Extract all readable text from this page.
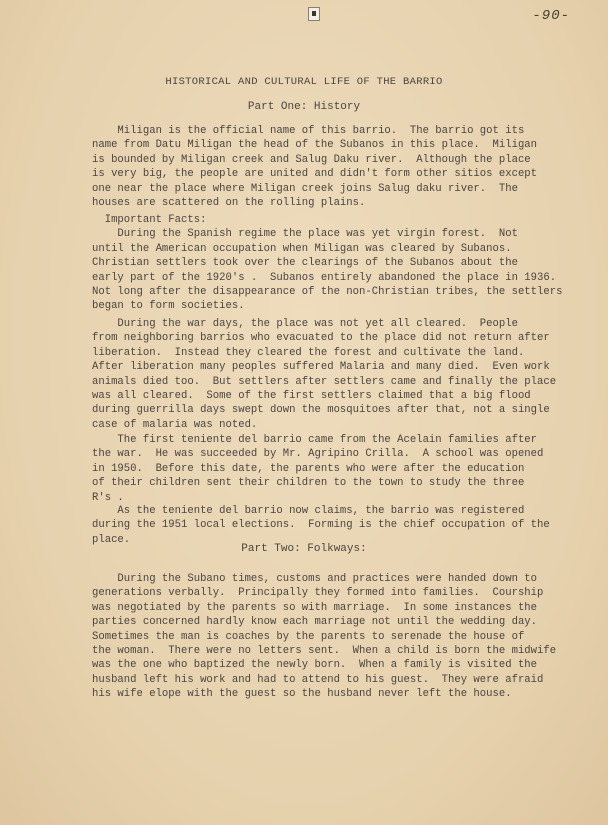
-90-
HISTORICAL AND CULTURAL LIFE OF THE BARRIO
Part One: History
Miligan is the official name of this barrio.  The barrio got its
name from Datu Miligan the head of the Subanos in this place.  Miligan
is bounded by Miligan creek and Salug Daku river.  Although the place
is very big, the people are united and didn't form other sitios except
one near the place where Miligan creek joins Salug daku river.  The
houses are scattered on the rolling plains.
Important Facts:
During the Spanish regime the place was yet virgin forest.  Not
until the American occupation when Miligan was cleared by Subanos.
Christian settlers took over the clearings of the Subanos about the
early part of the 1920's .  Subanos entirely abandoned the place in 1936.
Not long after the disappearance of the non-Christian tribes, the settlers
began to form societies.
During the war days, the place was not yet all cleared.  People
from neighboring barrios who evacuated to the place did not return after
liberation.  Instead they cleared the forest and cultivate the land.
After liberation many peoples suffered Malaria and many died.  Even work
animals died too.  But settlers after settlers came and finally the place
was all cleared.  Some of the first settlers claimed that a big flood
during guerrilla days swept down the mosquitoes after that, not a single
case of malaria was noted.
The first teniente del barrio came from the Acelain families after
the war.  He was succeeded by Mr. Agripino Crilla.  A school was opened
in 1950.  Before this date, the parents who were after the education
of their children sent their children to the town to study the three
R's .
As the teniente del barrio now claims, the barrio was registered
during the 1951 local elections.  Forming is the chief occupation of the
place.
Part Two: Folkways:
During the Subano times, customs and practices were handed down to
generations verbally.  Principally they formed into families.  Courship
was negotiated by the parents so with marriage.  In some instances the
parties concerned hardly know each marriage not until the wedding day.
Sometimes the man is coaches by the parents to serenade the house of
the woman.  There were no letters sent.  When a child is born the midwife
was the one who baptized the newly born.  When a family is visited the
husband left his work and had to attend to his guest.  They were afraid
his wife elope with the guest so the husband never left the house.
